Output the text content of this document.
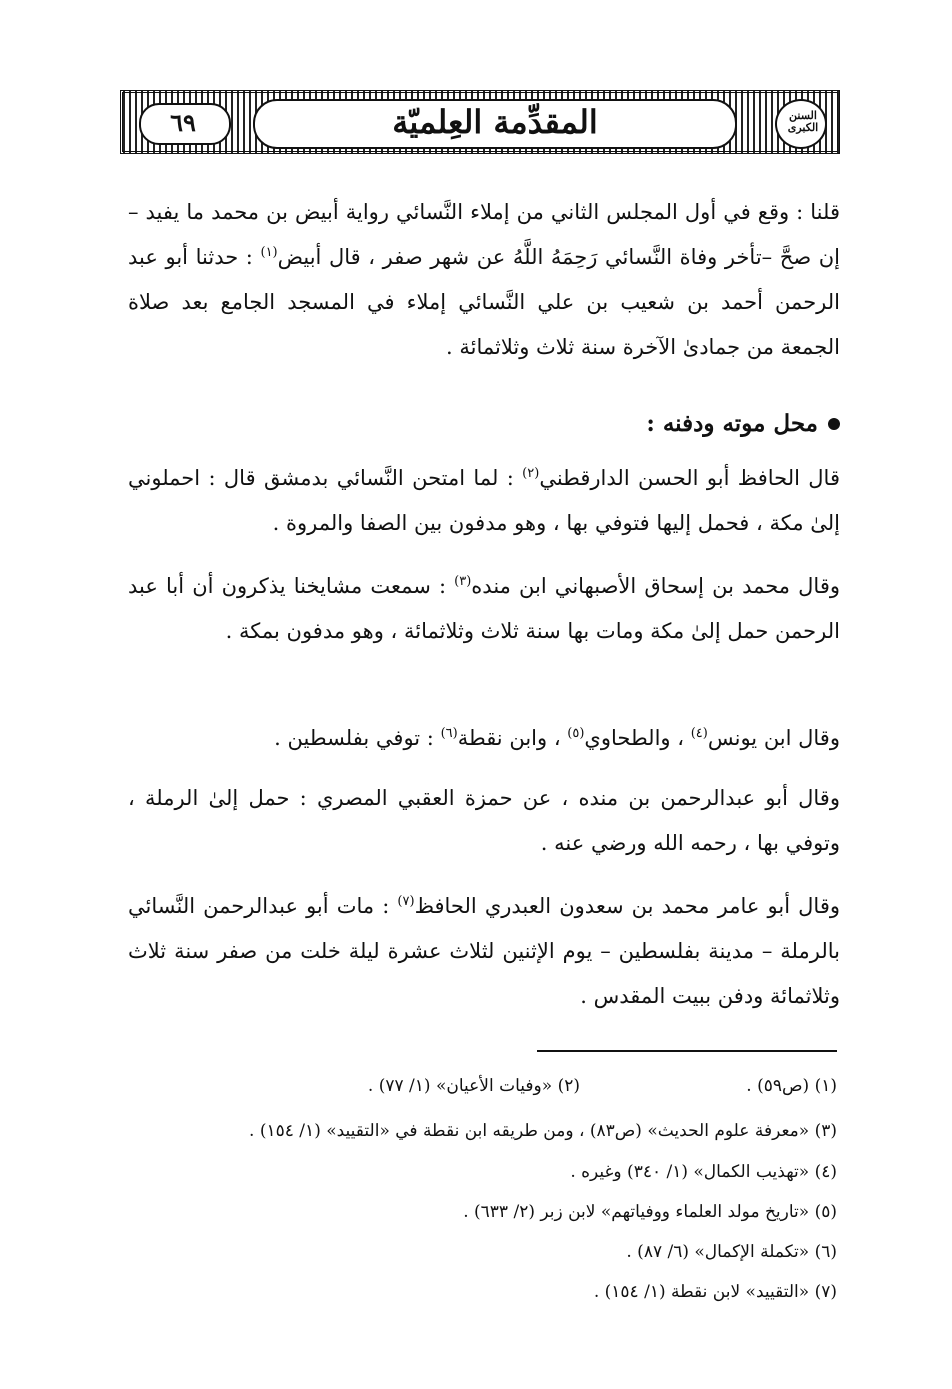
٦٩	المقدِّمة العِلميّة	السنن الكبرى
قلنا : وقع في أول المجلس الثاني من إملاء النَّسائي رواية أبيض بن محمد ما يفيد – إن صحَّ –تأخر وفاة النَّسائي رَحِمَهُ اللَّهُ عن شهر صفر ، قال أبيض$^{(١)}$ : حدثنا أبو عبد الرحمن أحمد بن شعيب بن علي النَّسائي إملاء في المسجد الجامع بعد صلاة الجمعة من جمادىٰ الآخرة سنة ثلاث وثلاثمائة .
محل موته ودفنه :
قال الحافظ أبو الحسن الدارقطني$^{(٢)}$ : لما امتحن النَّسائي بدمشق قال : احملوني إلىٰ مكة ، فحمل إليها فتوفي بها ، وهو مدفون بين الصفا والمروة .
وقال محمد بن إسحاق الأصبهاني ابن منده$^{(٣)}$ : سمعت مشايخنا يذكرون أن أبا عبد الرحمن حمل إلىٰ مكة ومات بها سنة ثلاث وثلاثمائة ، وهو مدفون بمكة .
وقال ابن يونس$^{(٤)}$ ، والطحاوي$^{(٥)}$ ، وابن نقطة$^{(٦)}$ : توفي بفلسطين .
وقال أبو عبدالرحمن بن منده ، عن حمزة العقبي المصري : حمل إلىٰ الرملة ، وتوفي بها ، رحمه الله ورضي عنه .
وقال أبو عامر محمد بن سعدون العبدري الحافظ$^{(٧)}$ : مات أبو عبدالرحمن النَّسائي بالرملة – مدينة بفلسطين – يوم الإثنين لثلاث عشرة ليلة خلت من صفر سنة ثلاث وثلاثمائة ودفن ببيت المقدس .
(١) (ص٥٩) .
(٢) «وفيات الأعيان» (١/ ٧٧) .
(٣) «معرفة علوم الحديث» (ص٨٣) ، ومن طريقه ابن نقطة في «التقييد» (١/ ١٥٤) .
(٤) «تهذيب الكمال» (١/ ٣٤٠) وغيره .
(٥) «تاريخ مولد العلماء ووفياتهم» لابن زبر (٢/ ٦٣٣) .
(٦) «تكملة الإكمال» (٦/ ٨٧) .
(٧) «التقييد» لابن نقطة (١/ ١٥٤) .
